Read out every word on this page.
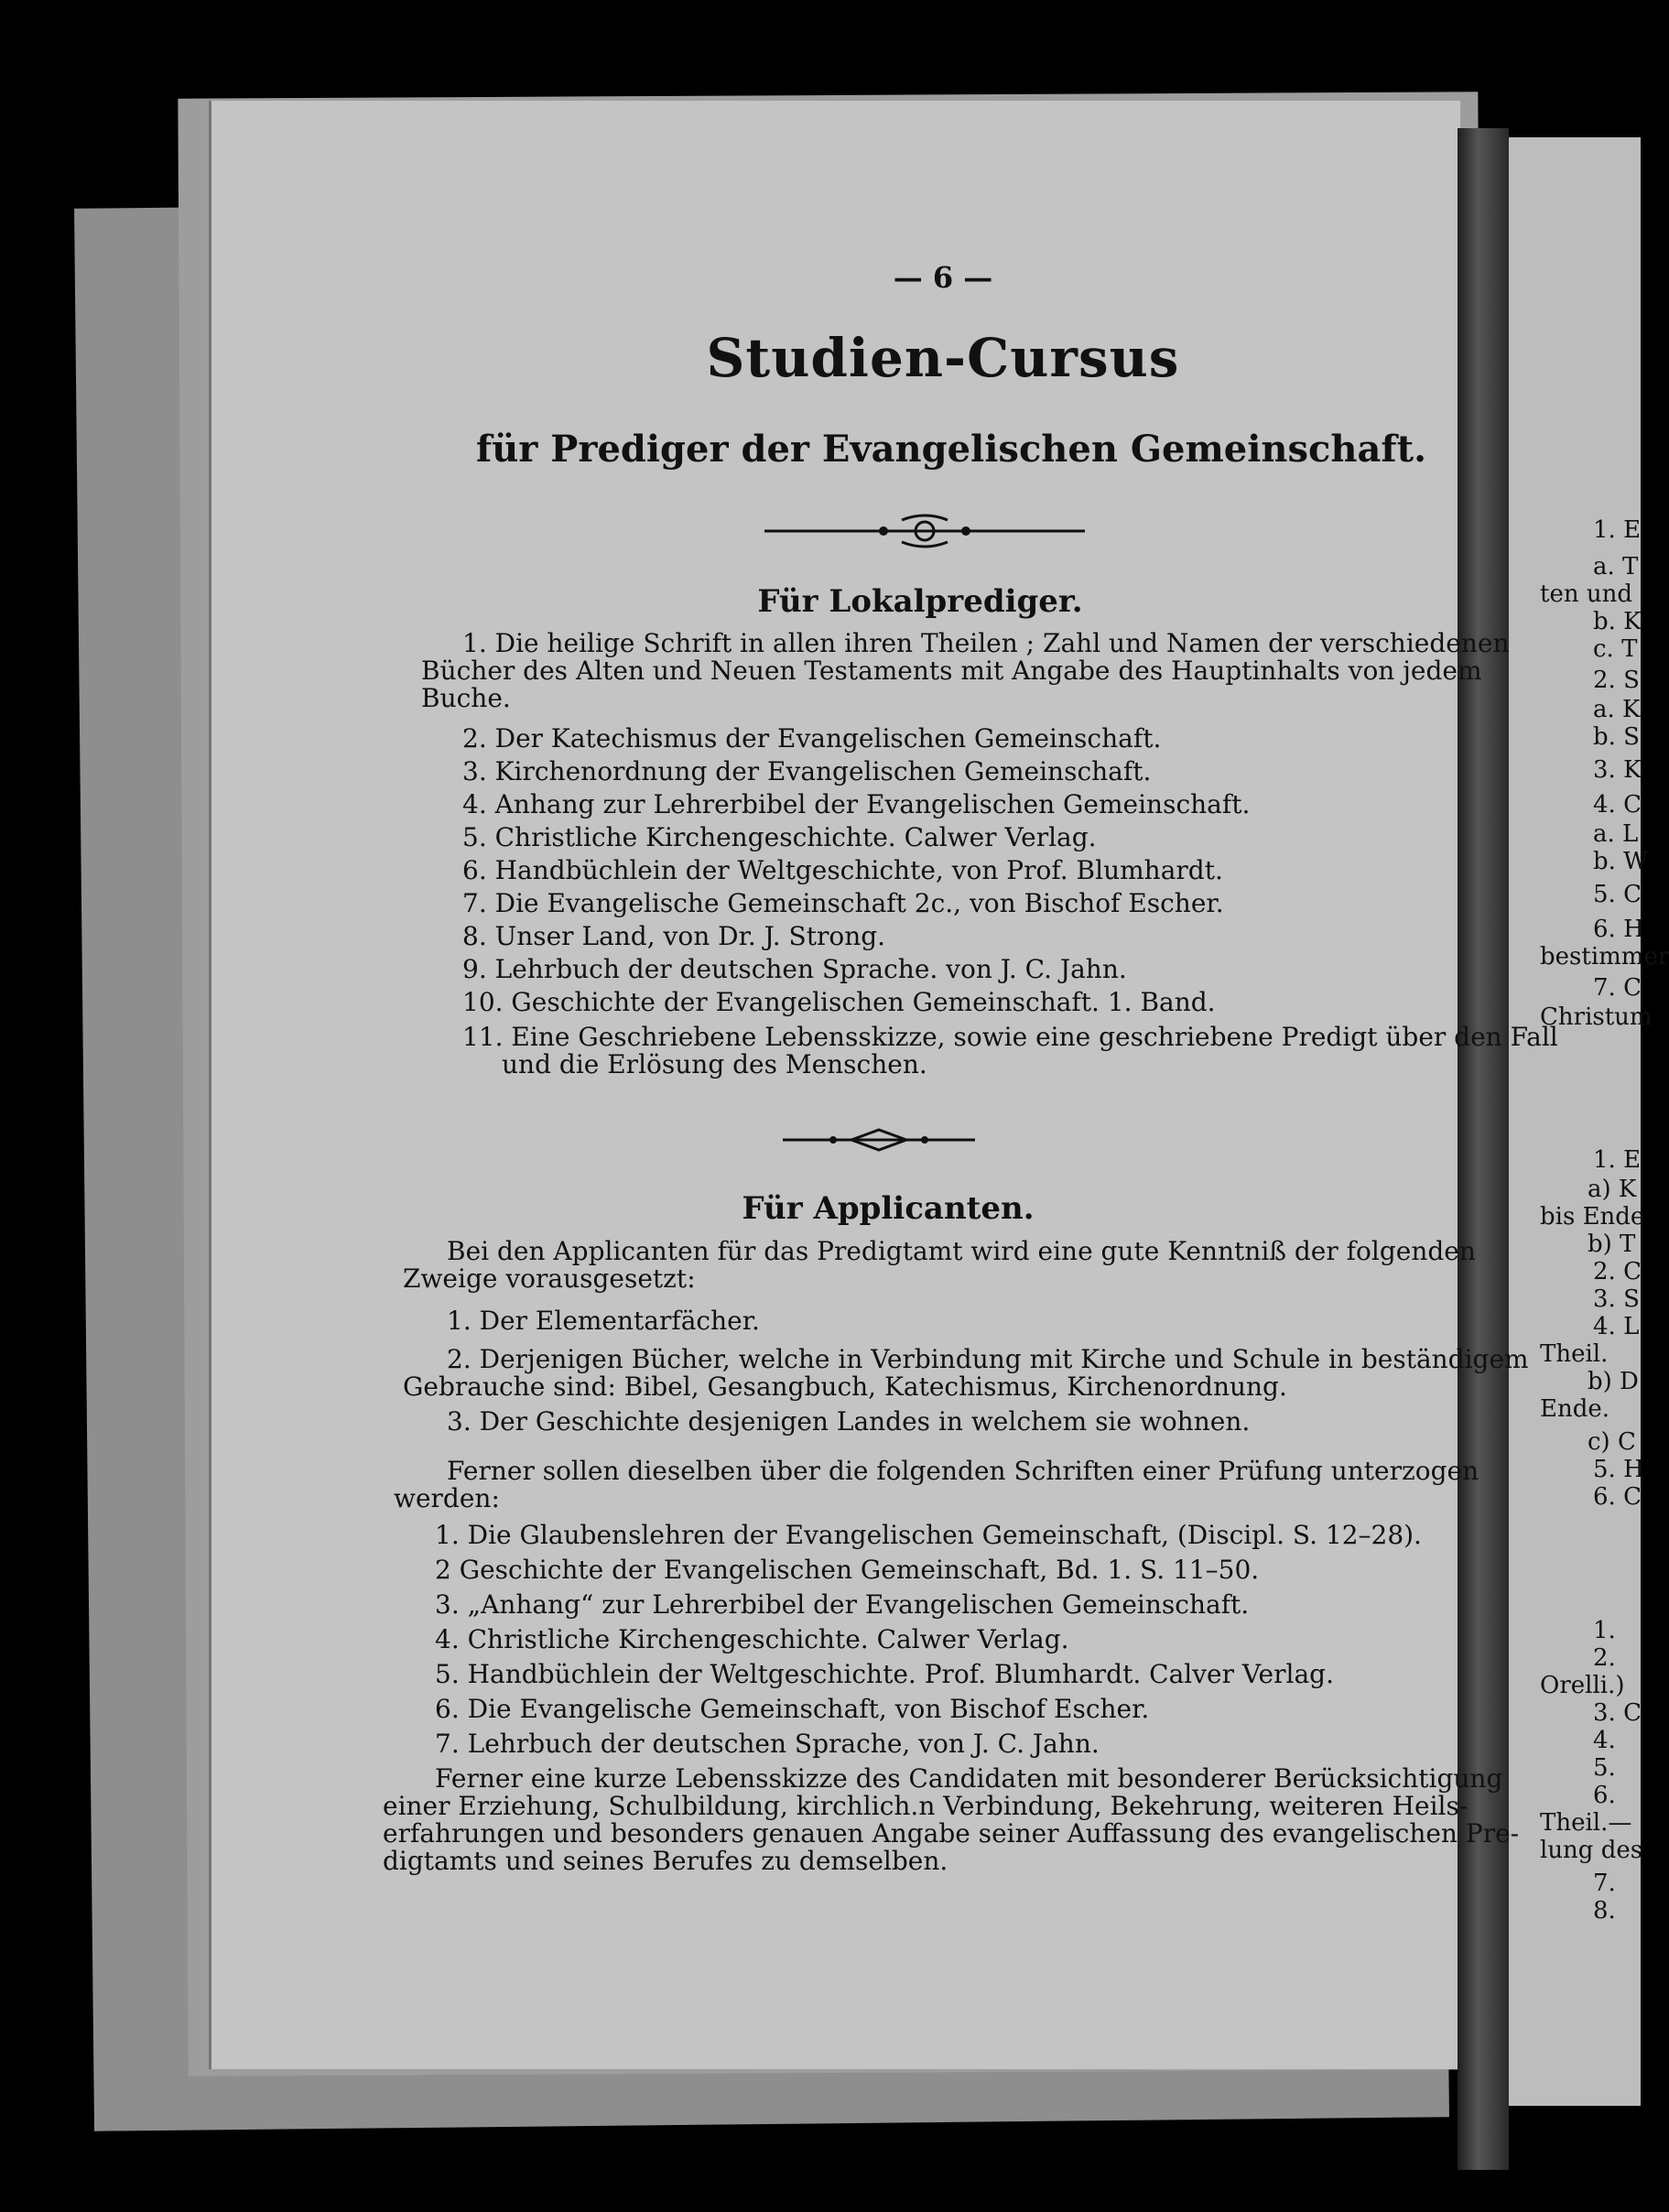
— 6 —

Studien-Cursus

für Prediger der Evangelischen Gemeinschaft.

Für Lokalprediger.

1. Die heilige Schrift in allen ihren Theilen ; Zahl und Namen der verschiedenen

Bücher des Alten und Neuen Testaments mit Angabe des Hauptinhalts von jedem

Buche.

2. Der Katechismus der Evangelischen Gemeinschaft.

3. Kirchenordnung der Evangelischen Gemeinschaft.

4. Anhang zur Lehrerbibel der Evangelischen Gemeinschaft.

5. Christliche Kirchengeschichte. Calwer Verlag.

6. Handbüchlein der Weltgeschichte, von Prof. Blumhardt.

7. Die Evangelische Gemeinschaft 2c., von Bischof Escher.

8. Unser Land, von Dr. J. Strong.

9. Lehrbuch der deutschen Sprache. von J. C. Jahn.

10. Geschichte der Evangelischen Gemeinschaft. 1. Band.

11. Eine Geschriebene Lebensskizze, sowie eine geschriebene Predigt über den Fall

und die Erlösung des Menschen.

Für Applicanten.

Bei den Applicanten für das Predigtamt wird eine gute Kenntniß der folgenden

Zweige vorausgesetzt:

1. Der Elementarfächer.

2. Derjenigen Bücher, welche in Verbindung mit Kirche und Schule in beständigem

Gebrauche sind: Bibel, Gesangbuch, Katechismus, Kirchenordnung.

3. Der Geschichte desjenigen Landes in welchem sie wohnen.

Ferner sollen dieselben über die folgenden Schriften einer Prüfung unterzogen

werden:

1. Die Glaubenslehren der Evangelischen Gemeinschaft, (Discipl. S. 12–28).

2 Geschichte der Evangelischen Gemeinschaft, Bd. 1. S. 11–50.

3. „Anhang“ zur Lehrerbibel der Evangelischen Gemeinschaft.

4. Christliche Kirchengeschichte. Calwer Verlag.

5. Handbüchlein der Weltgeschichte. Prof. Blumhardt. Calver Verlag.

6. Die Evangelische Gemeinschaft, von Bischof Escher.

7. Lehrbuch der deutschen Sprache, von J. C. Jahn.

Ferner eine kurze Lebensskizze des Candidaten mit besonderer Berücksichtigung

einer Erziehung, Schulbildung, kirchlich.n Verbindung, Bekehrung, weiteren Heils-

erfahrungen und besonders genauen Angabe seiner Auffassung des evangelischen Pre-

digtamts und seines Berufes zu demselben.

1. E
a. T
ten und
b. K
c. T
2. S
a. K
b. S
3. K
4. C
a. L
b. W
5. C
6. H
bestimmer
7. C
Christum
1. E
a) K
bis Ende
b) T
2. C
3. S
4. L
Theil.
b) D
Ende.
c) C
5. H
6. C
1.
2.
Orelli.)
3. C
4.
5.
6.
Theil.—
lung des
7.
8.
